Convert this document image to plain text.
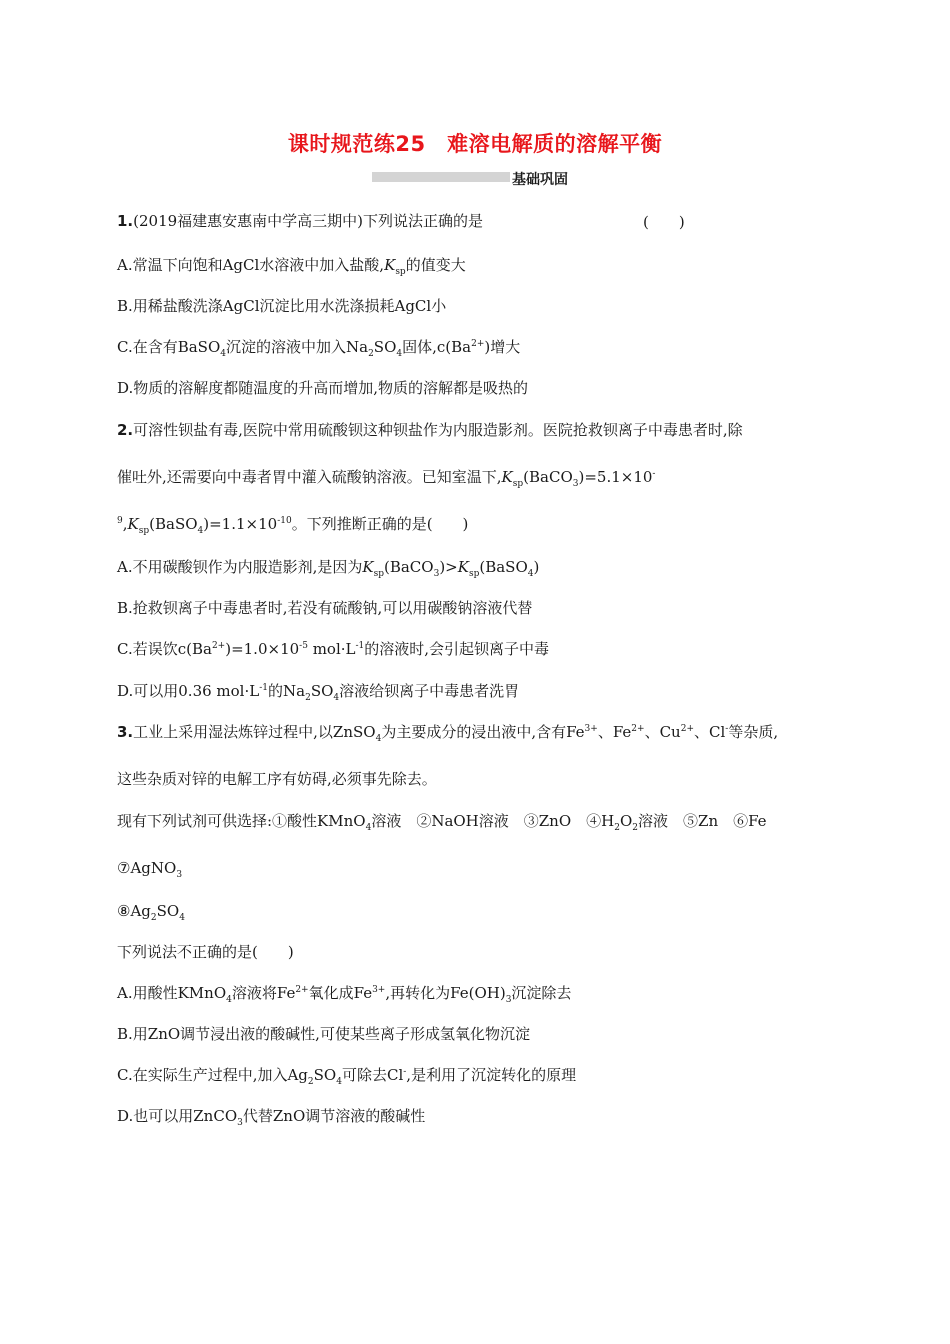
课时规范练25　难溶电解质的溶解平衡
基础巩固
1.(2019福建惠安惠南中学高三期中)下列说法正确的是	(　　)
A.常温下向饱和AgCl水溶液中加入盐酸$,K_{sp}$的值变大
B.用稀盐酸洗涤AgCl沉淀比用水洗涤损耗AgCl小
C.在含有BaSO$_4$沉淀的溶液中加入$Na_2SO_4$固体$,c(Ba^{2+})$增大
D.物质的溶解度都随温度的升高而增加,物质的溶解都是吸热的
2.可溶性钡盐有毒,医院中常用硫酸钡这种钡盐作为内服造影剂。医院抢救钡离子中毒患者时,除
催吐外,还需要向中毒者胃中灌入硫酸钠溶液。已知室温下$,K_{sp}(BaCO_3)=5.1\times 10^-$
$^9,K_{sp}(BaSO_4)=1.1\times 10^{-10}$。下列推断正确的是(　　)
A.不用碳酸钡作为内服造影剂,是因为$K_{sp}(BaCO_3)>K_{sp}(BaSO_4)$
B.抢救钡离子中毒患者时,若没有硫酸钠,可以用碳酸钠溶液代替
C.若误饮$c(Ba^{2+})=1.0\times 10^{-5}$ $mol\cdot L^{-1}$的溶液时,会引起钡离子中毒
D.可以用0.36 $mol\cdot L^{-1}$的$Na_2SO_4$溶液给钡离子中毒患者洗胃
3.工业上采用湿法炼锌过程中,以ZnSO$_4$为主要成分的浸出液中,含有$Fe^{3+}$、$Fe^{2+}$、$Cu^{2+}$、Cl-等杂质,
这些杂质对锌的电解工序有妨碍,必须事先除去。
现有下列试剂可供选择:①酸性KMnO$_4$溶液　②NaOH溶液　③ZnO　$④H_2O_2$溶液　⑤Zn　⑥Fe
⑦AgNO$_3$
$⑧Ag_2SO_4$
下列说法不正确的是(　　)
A.用酸性KMnO$_4$溶液将$Fe^{2+}$氧化成$Fe^{3+}$,再转化为$Fe(OH)_3$沉淀除去
B.用ZnO调节浸出液的酸碱性,可使某些离子形成氢氧化物沉淀
C.在实际生产过程中,加入$Ag_2SO_4$可除去Cl-,是利用了沉淀转化的原理
D.也可以用ZnCO$_3$代替ZnO调节溶液的酸碱性
